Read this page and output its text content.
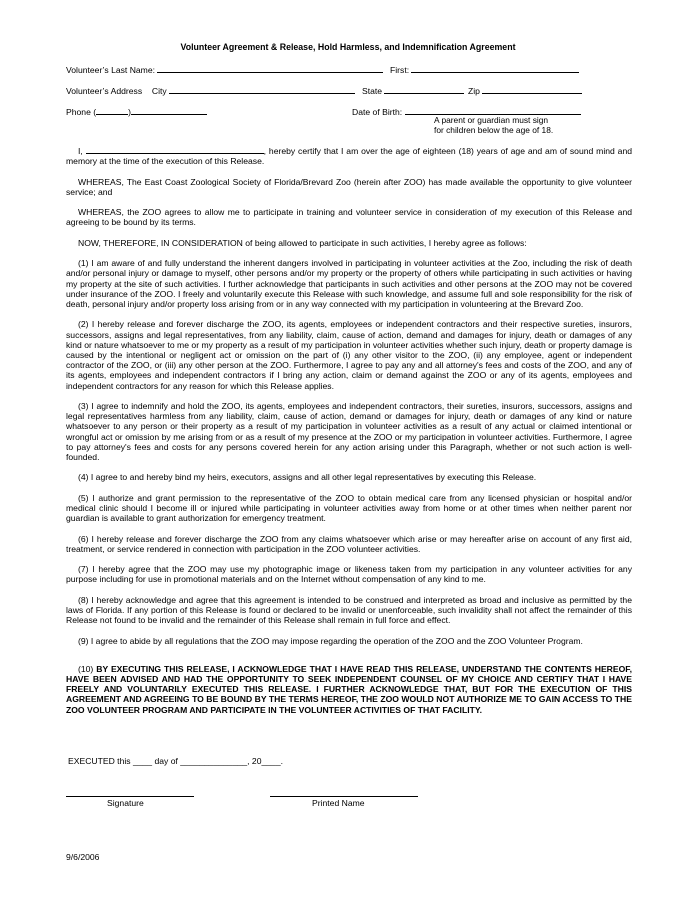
Volunteer Agreement & Release, Hold Harmless, and Indemnification Agreement
Volunteer’s Last Name:	First:
Volunteer’s Address City	State	Zip
Phone (	)	Date of Birth:
A parent or guardian must sign
for children below the age of 18.

I,	, hereby certify that I am over the age of eighteen (18) years of age and am of sound mind and memory at the time of the execution of this Release.

WHEREAS, The East Coast Zoological Society of Florida/Brevard Zoo (herein after ZOO) has made available the opportunity to give volunteer service; and

WHEREAS, the ZOO agrees to allow me to participate in training and volunteer service in consideration of my execution of this Release and agreeing to be bound by its terms.

NOW, THEREFORE, IN CONSIDERATION of being allowed to participate in such activities, I hereby agree as follows:

(1) I am aware of and fully understand the inherent dangers involved in participating in volunteer activities at the Zoo, including the risk of death and/or personal injury or damage to myself, other persons and/or my property or the property of others while participating in such activities or having my property at the site of such activities. I further acknowledge that participants in such activities and other persons at the ZOO may not be covered under insurance of the ZOO. I freely and voluntarily execute this Release with such knowledge, and assume full and sole responsibility for the risk of death, personal injury and/or property loss arising from or in any way connected with my participation in volunteering at the Brevard Zoo.

(2) I hereby release and forever discharge the ZOO, its agents, employees or independent contractors and their respective sureties, insurors, successors, assigns and legal representatives, from any liability, claim, cause of action, demand and damages for injury, death or damages of any kind or nature whatsoever to me or my property as a result of my participation in volunteer activities whether such injury, death or property damage is caused by the intentional or negligent act or omission on the part of (i) any other visitor to the ZOO, (ii) any employee, agent or independent contractor of the ZOO, or (iii) any other person at the ZOO. Furthermore, I agree to pay any and all attorney's fees and costs of the ZOO, and any of its agents, employees and independent contractors if I bring any action, claim or demand against the ZOO or any of its agents, employees and independent contractors for any reason for which this Release applies.

(3) I agree to indemnify and hold the ZOO, its agents, employees and independent contractors, their sureties, insurors, successors, assigns and legal representatives harmless from any liability, claim, cause of action, demand or damages for injury, death or damages of any kind or nature whatsoever to any person or their property as a result of my participation in volunteer activities as a result of any actual or claimed intentional or wrongful act or omission by me arising from or as a result of my presence at the ZOO or my participation in volunteer activities. Furthermore, I agree to pay attorney's fees and costs for any persons covered herein for any action arising under this Paragraph, whether or not such action is well-founded.

(4) I agree to and hereby bind my heirs, executors, assigns and all other legal representatives by executing this Release.

(5) I authorize and grant permission to the representative of the ZOO to obtain medical care from any licensed physician or hospital and/or medical clinic should I become ill or injured while participating in volunteer activities away from home or at other times when neither parent nor guardian is available to grant authorization for emergency treatment.

(6) I hereby release and forever discharge the ZOO from any claims whatsoever which arise or may hereafter arise on account of any first aid, treatment, or service rendered in connection with participation in the ZOO volunteer activities.

(7) I hereby agree that the ZOO may use my photographic image or likeness taken from my participation in any volunteer activities for any purpose including for use in promotional materials and on the Internet without compensation of any kind to me.

(8) I hereby acknowledge and agree that this agreement is intended to be construed and interpreted as broad and inclusive as permitted by the laws of Florida. If any portion of this Release is found or declared to be invalid or unenforceable, such invalidity shall not affect the remainder of this Release not found to be invalid and the remainder of this Release shall remain in full force and effect.

(9) I agree to abide by all regulations that the ZOO may impose regarding the operation of the ZOO and the ZOO Volunteer Program.

(10) BY EXECUTING THIS RELEASE, I ACKNOWLEDGE THAT I HAVE READ THIS RELEASE, UNDERSTAND THE CONTENTS HEREOF, HAVE BEEN ADVISED AND HAD THE OPPORTUNITY TO SEEK INDEPENDENT COUNSEL OF MY CHOICE AND CERTIFY THAT I HAVE FREELY AND VOLUNTARILY EXECUTED THIS RELEASE. I FURTHER ACKNOWLEDGE THAT, BUT FOR THE EXECUTION OF THIS AGREEMENT AND AGREEING TO BE BOUND BY THE TERMS HEREOF, THE ZOO WOULD NOT AUTHORIZE ME TO GAIN ACCESS TO THE ZOO VOLUNTEER PROGRAM AND PARTICIPATE IN THE VOLUNTEER ACTIVITIES OF THAT FACILITY.

EXECUTED this ____ day of ______________, 20____.
Signature	Printed Name
9/6/2006
